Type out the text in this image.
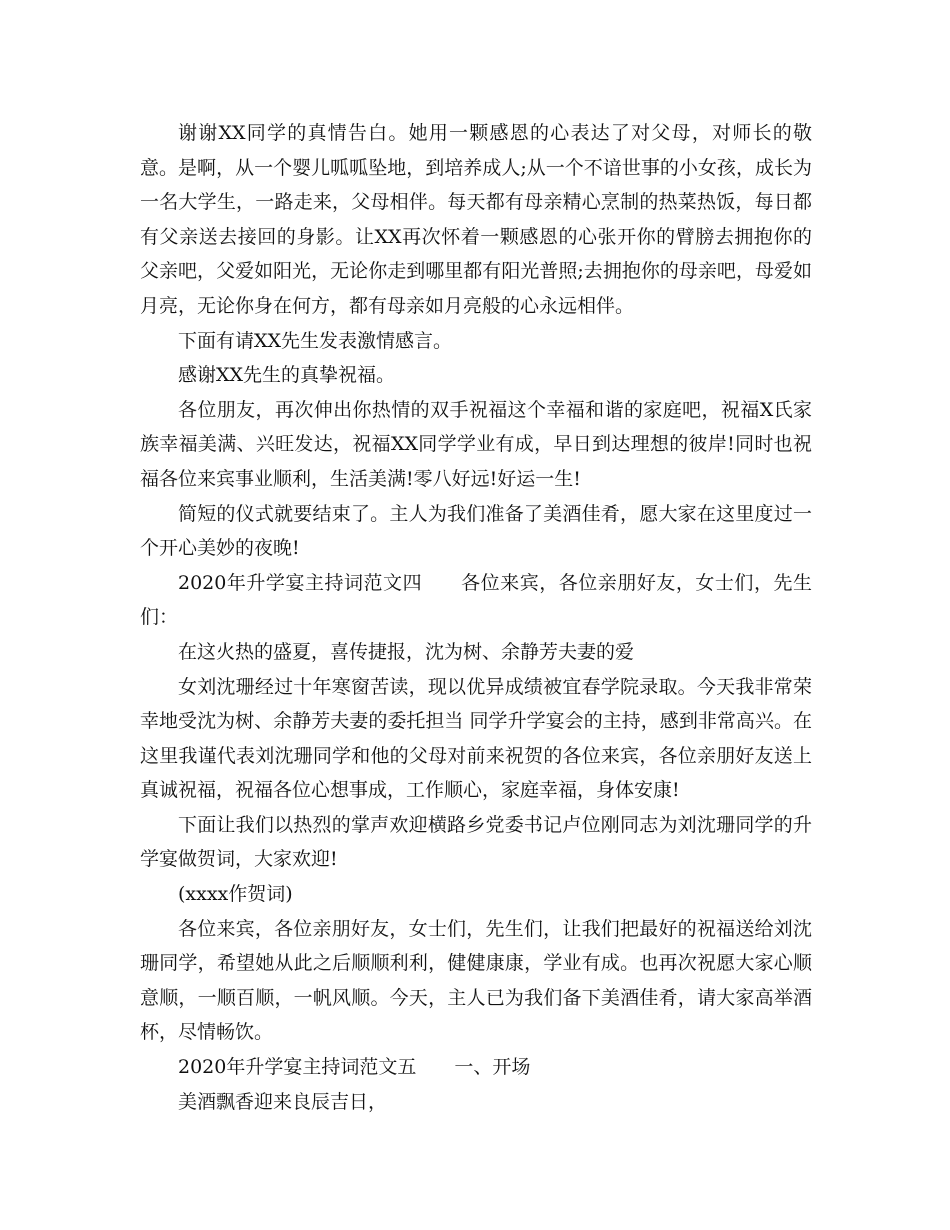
谢谢XX同学的真情告白。她用一颗感恩的心表达了对父母，对师长的敬意。是啊，从一个婴儿呱呱坠地，到培养成人;从一个不谙世事的小女孩，成长为一名大学生，一路走来，父母相伴。每天都有母亲精心烹制的热菜热饭，每日都有父亲送去接回的身影。让XX再次怀着一颗感恩的心张开你的臂膀去拥抱你的父亲吧，父爱如阳光，无论你走到哪里都有阳光普照;去拥抱你的母亲吧，母爱如月亮，无论你身在何方，都有母亲如月亮般的心永远相伴。

下面有请XX先生发表激情感言。

感谢XX先生的真挚祝福。

各位朋友，再次伸出你热情的双手祝福这个幸福和谐的家庭吧，祝福X氏家族幸福美满、兴旺发达，祝福XX同学学业有成，早日到达理想的彼岸!同时也祝福各位来宾事业顺利，生活美满!零八好远!好运一生!

简短的仪式就要结束了。主人为我们准备了美酒佳肴，愿大家在这里度过一个开心美妙的夜晚!

2020年升学宴主持词范文四　　各位来宾，各位亲朋好友，女士们，先生们：

在这火热的盛夏，喜传捷报，沈为树、余静芳夫妻的爱

女刘沈珊经过十年寒窗苦读，现以优异成绩被宜春学院录取。今天我非常荣幸地受沈为树、余静芳夫妻的委托担当 同学升学宴会的主持，感到非常高兴。在这里我谨代表刘沈珊同学和他的父母对前来祝贺的各位来宾，各位亲朋好友送上真诚祝福，祝福各位心想事成，工作顺心，家庭幸福，身体安康!

下面让我们以热烈的掌声欢迎横路乡党委书记卢位刚同志为刘沈珊同学的升学宴做贺词，大家欢迎!

(xxxx作贺词)

各位来宾，各位亲朋好友，女士们，先生们，让我们把最好的祝福送给刘沈珊同学，希望她从此之后顺顺利利，健健康康，学业有成。也再次祝愿大家心顺意顺，一顺百顺，一帆风顺。今天，主人已为我们备下美酒佳肴，请大家高举酒杯，尽情畅饮。

2020年升学宴主持词范文五　　一、开场

美酒飘香迎来良辰吉日，
